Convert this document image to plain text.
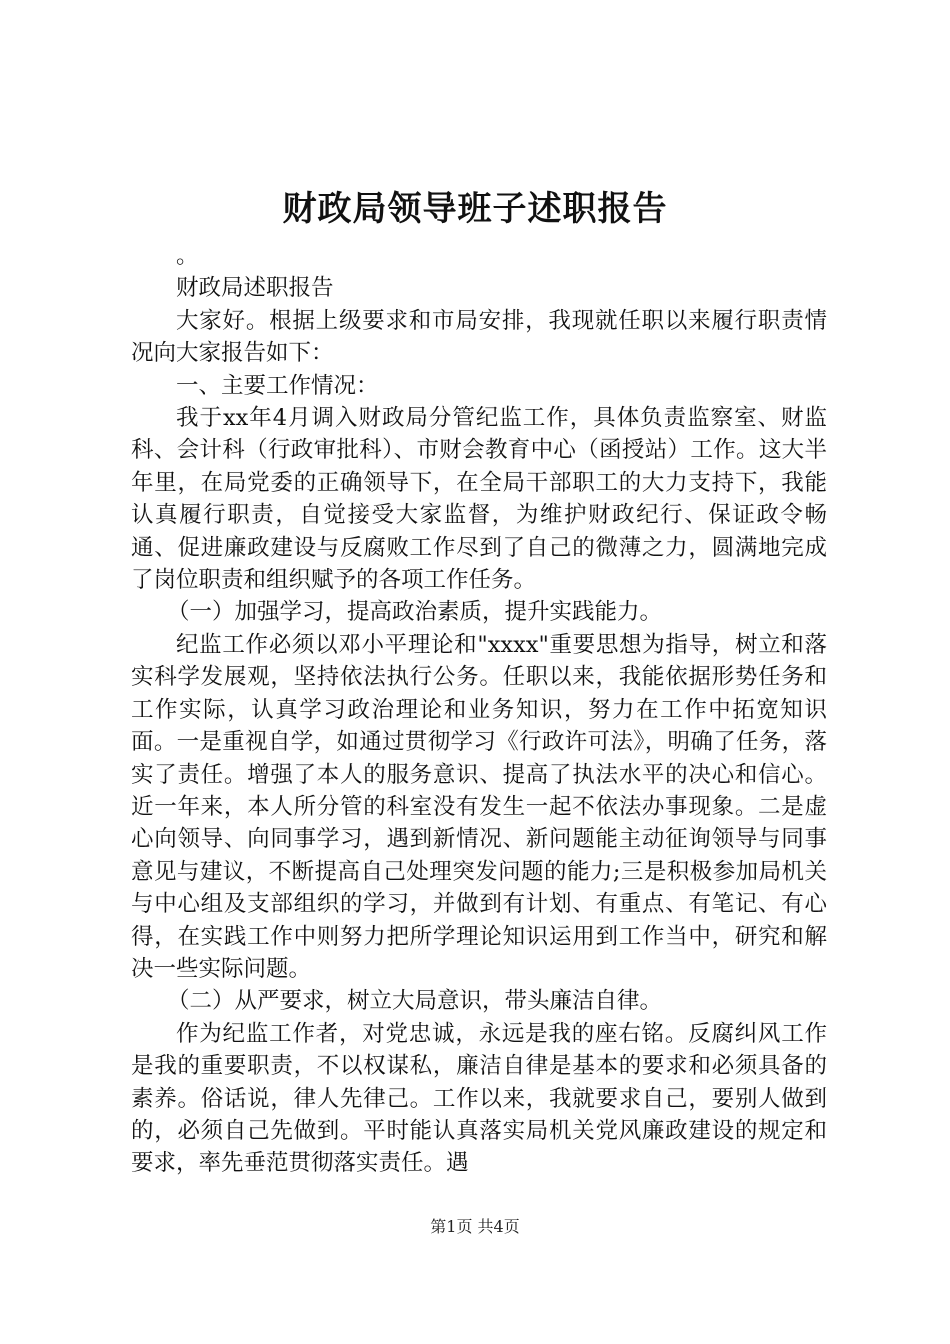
财政局领导班子述职报告

。

财政局述职报告

大家好。根据上级要求和市局安排，我现就任职以来履行职责情况向大家报告如下：

一、主要工作情况：

我于xx年4月调入财政局分管纪监工作，具体负责监察室、财监科、会计科（行政审批科）、市财会教育中心（函授站）工作。这大半年里，在局党委的正确领导下，在全局干部职工的大力支持下，我能认真履行职责，自觉接受大家监督，为维护财政纪行、保证政令畅通、促进廉政建设与反腐败工作尽到了自己的微薄之力，圆满地完成了岗位职责和组织赋予的各项工作任务。

（一）加强学习，提高政治素质，提升实践能力。

纪监工作必须以邓小平理论和"xxxx"重要思想为指导，树立和落实科学发展观，坚持依法执行公务。任职以来，我能依据形势任务和工作实际，认真学习政治理论和业务知识，努力在工作中拓宽知识面。一是重视自学，如通过贯彻学习《行政许可法》，明确了任务，落实了责任。增强了本人的服务意识、提高了执法水平的决心和信心。近一年来，本人所分管的科室没有发生一起不依法办事现象。二是虚心向领导、向同事学习，遇到新情况、新问题能主动征询领导与同事意见与建议，不断提高自己处理突发问题的能力;三是积极参加局机关与中心组及支部组织的学习，并做到有计划、有重点、有笔记、有心得，在实践工作中则努力把所学理论知识运用到工作当中，研究和解决一些实际问题。

（二）从严要求，树立大局意识，带头廉洁自律。

作为纪监工作者，对党忠诚，永远是我的座右铭。反腐纠风工作是我的重要职责，不以权谋私，廉洁自律是基本的要求和必须具备的素养。俗话说，律人先律己。工作以来，我就要求自己，要别人做到的，必须自己先做到。平时能认真落实局机关党风廉政建设的规定和要求，率先垂范贯彻落实责任。遇

第1页 共4页
